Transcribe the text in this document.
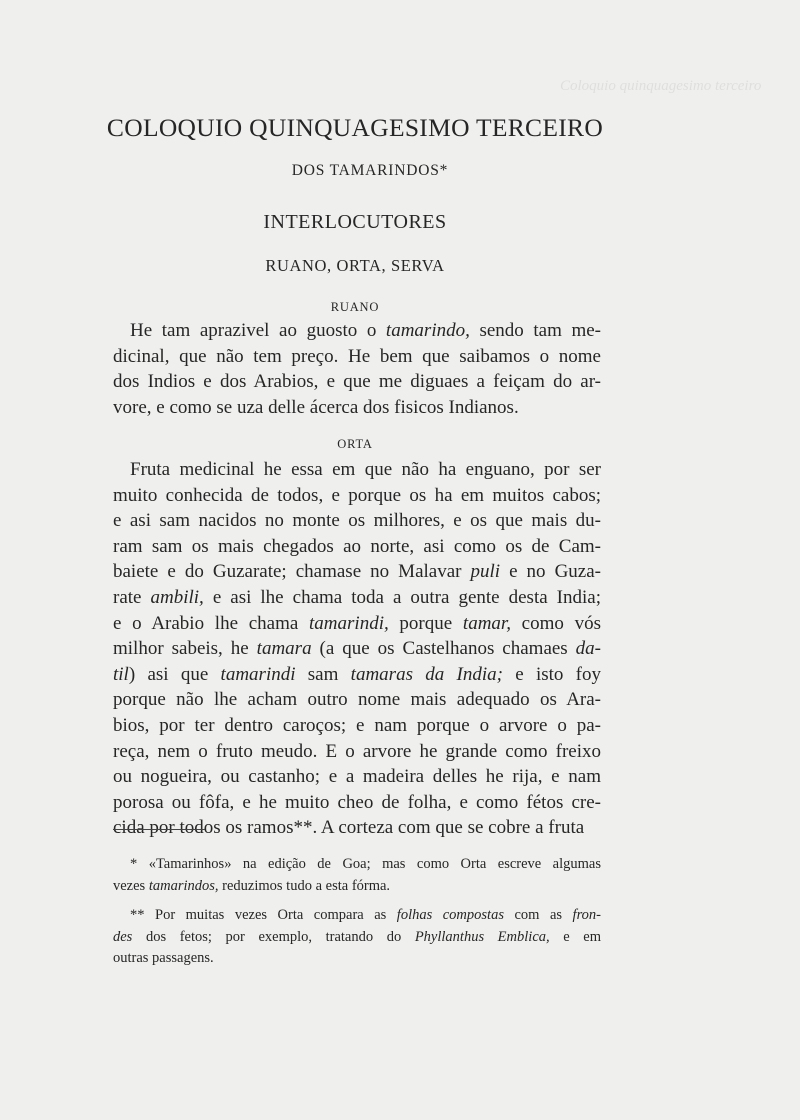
Coloquio quinquagesimo terceiro
COLOQUIO QUINQUAGESIMO TERCEIRO
DOS TAMARINDOS*
INTERLOCUTORES
RUANO, ORTA, SERVA
RUANO
He tam aprazivel ao guosto o tamarindo, sendo tam me-
dicinal, que não tem preço. He bem que saibamos o nome
dos Indios e dos Arabios, e que me diguaes a feiçam do ar-
vore, e como se uza delle ácerca dos fisicos Indianos.
ORTA
Fruta medicinal he essa em que não ha enguano, por ser
muito conhecida de todos, e porque os ha em muitos cabos;
e asi sam nacidos no monte os milhores, e os que mais du-
ram sam os mais chegados ao norte, asi como os de Cam-
baiete e do Guzarate; chamase no Malavar puli e no Guza-
rate ambili, e asi lhe chama toda a outra gente desta India;
e o Arabio lhe chama tamarindi, porque tamar, como vós
milhor sabeis, he tamara (a que os Castelhanos chamaes da-
til) asi que tamarindi sam tamaras da India; e isto foy
porque não lhe acham outro nome mais adequado os Ara-
bios, por ter dentro caroços; e nam porque o arvore o pa-
reça, nem o fruto meudo. E o arvore he grande como freixo
ou nogueira, ou castanho; e a madeira delles he rija, e nam
porosa ou fôfa, e he muito cheo de folha, e como fétos cre-
cida por todos os ramos**. A corteza com que se cobre a fruta
* «Tamarinhos» na edição de Goa; mas como Orta escreve algumas
vezes tamarindos, reduzimos tudo a esta fórma.
** Por muitas vezes Orta compara as folhas compostas com as fron-
des dos fetos; por exemplo, tratando do Phyllanthus Emblica, e em
outras passagens.
